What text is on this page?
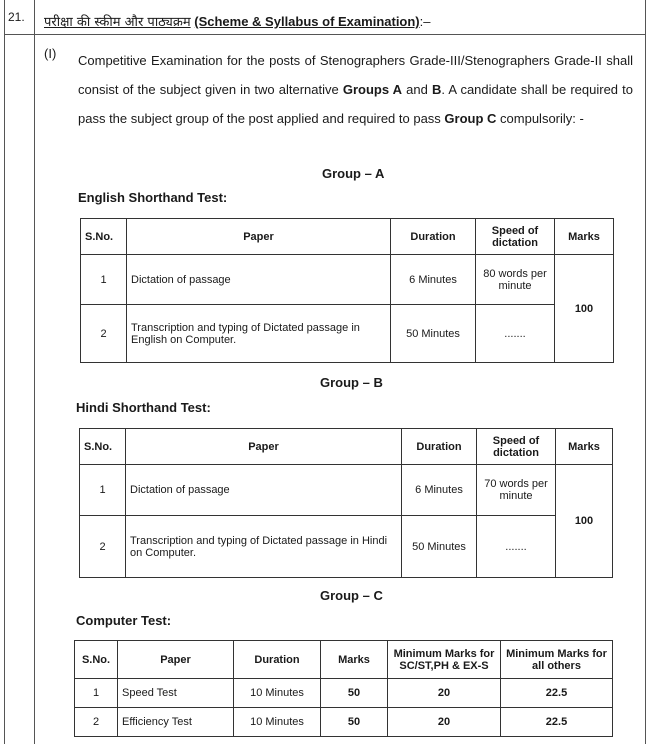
21. परीक्षा की स्कीम और पाठ्यक्रम (Scheme & Syllabus of Examination):–
(I) Competitive Examination for the posts of Stenographers Grade-III/Stenographers Grade-II shall consist of the subject given in two alternative Groups A and B. A candidate shall be required to pass the subject group of the post applied and required to pass Group C compulsorily: -
Group – A
English Shorthand Test:
S.No.	Paper	Duration	Speed of dictation	Marks
1	Dictation of passage	6 Minutes	80 words per minute	100
2	Transcription and typing of Dictated passage in English on Computer.	50 Minutes	.......	
Group – B
Hindi Shorthand Test:
S.No.	Paper	Duration	Speed of dictation	Marks
1	Dictation of passage	6 Minutes	70 words per minute	100
2	Transcription and typing of Dictated passage in Hindi on Computer.	50 Minutes	.......	
Group – C
Computer Test:
S.No.	Paper	Duration	Marks	Minimum Marks for SC/ST,PH & EX-S	Minimum Marks for all others
1	Speed Test	10 Minutes	50	20	22.5
2	Efficiency Test	10 Minutes	50	20	22.5
